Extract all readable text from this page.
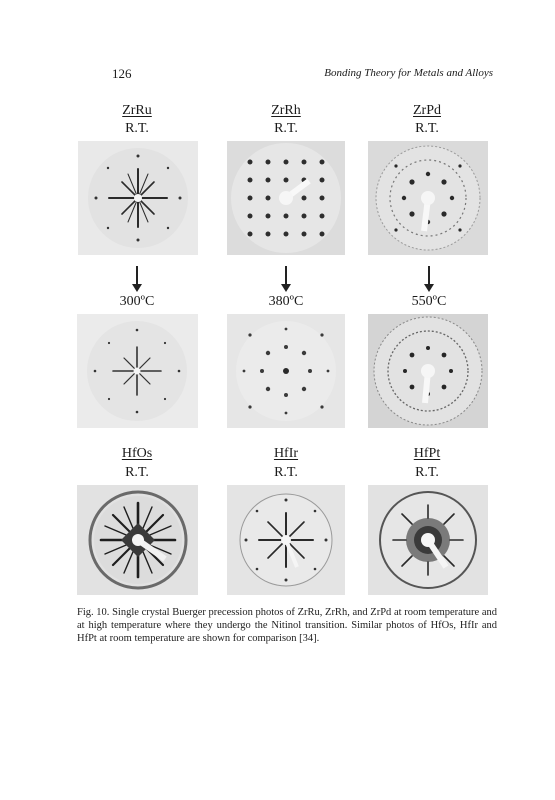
126	Bonding Theory for Metals and Alloys
ZrRu
R.T.
ZrRh
R.T.
ZrPd
R.T.
300ºC	380ºC	550ºC
HfOs
R.T.
HfIr
R.T.
HfPt
R.T.
Fig. 10. Single crystal Buerger precession photos of ZrRu, ZrRh, and ZrPd at room temperature and at high temperature where they undergo the Nitinol transition. Similar photos of HfOs, HfIr and HfPt at room temperature are shown for comparison [34].
